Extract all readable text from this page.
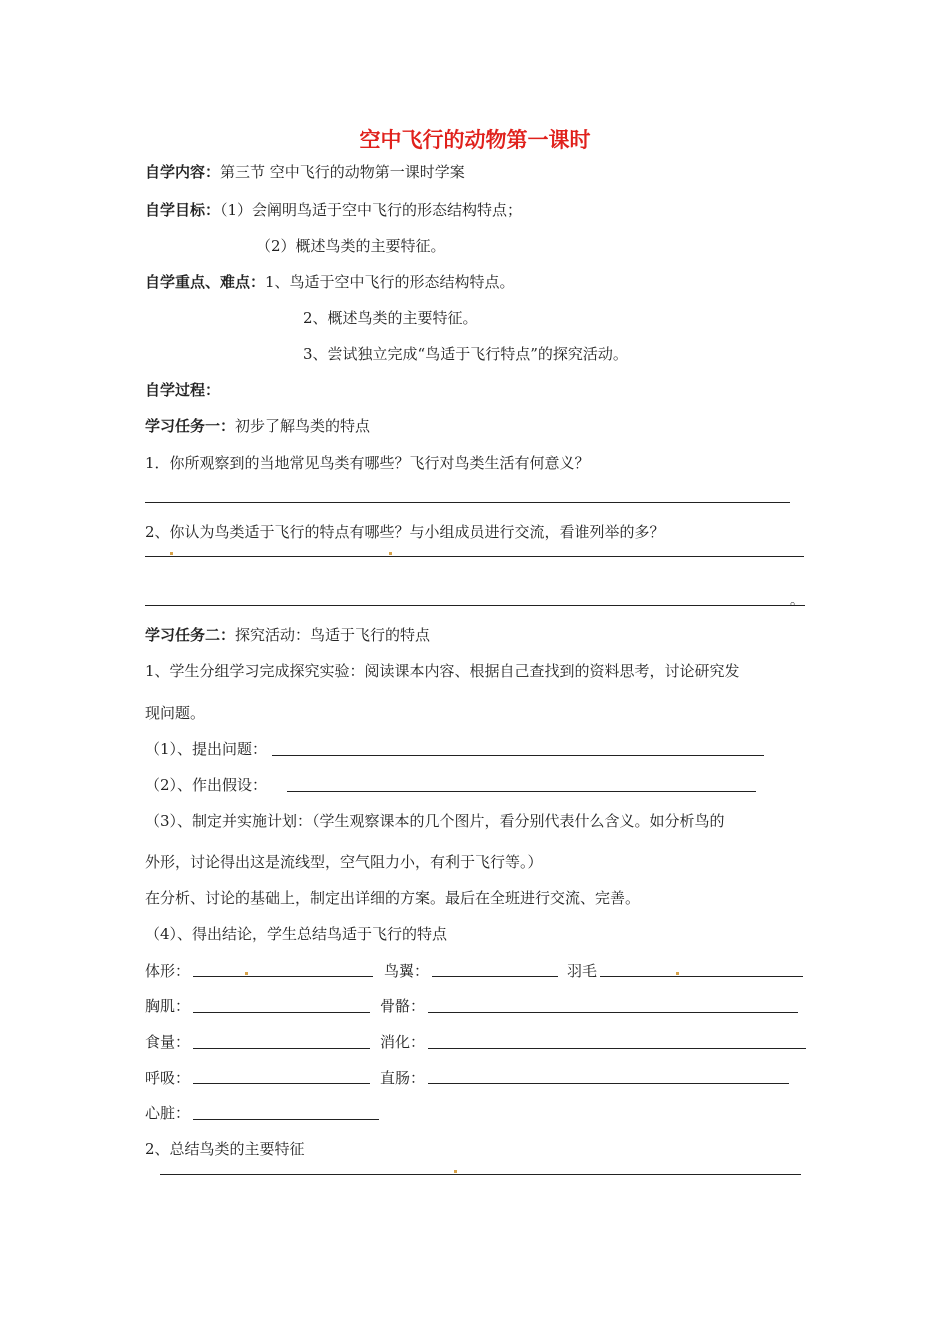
空中飞行的动物第一课时
自学内容：第三节 空中飞行的动物第一课时学案
自学目标：（1）会阐明鸟适于空中飞行的形态结构特点；
（2）概述鸟类的主要特征。
自学重点、难点：1、鸟适于空中飞行的形态结构特点。
2、概述鸟类的主要特征。
3、尝试独立完成“鸟适于飞行特点”的探究活动。
自学过程：
学习任务一：初步了解鸟类的特点
1．你所观察到的当地常见鸟类有哪些？飞行对鸟类生活有何意义？
2、你认为鸟类适于飞行的特点有哪些？与小组成员进行交流，看谁列举的多？
。
学习任务二：探究活动：鸟适于飞行的特点
1、学生分组学习完成探究实验：阅读课本内容、根据自己查找到的资料思考，讨论研究发
现问题。
（1）、提出问题：
（2）、作出假设：
（3）、制定并实施计划：（学生观察课本的几个图片，看分别代表什么含义。如分析鸟的
外形，讨论得出这是流线型，空气阻力小，有利于飞行等。）
在分析、讨论的基础上，制定出详细的方案。最后在全班进行交流、完善。
（4）、得出结论，学生总结鸟适于飞行的特点
体形：	鸟翼：	羽毛
胸肌：	骨骼：
食量：	消化：
呼吸：	直肠：
心脏：
2、总结鸟类的主要特征
